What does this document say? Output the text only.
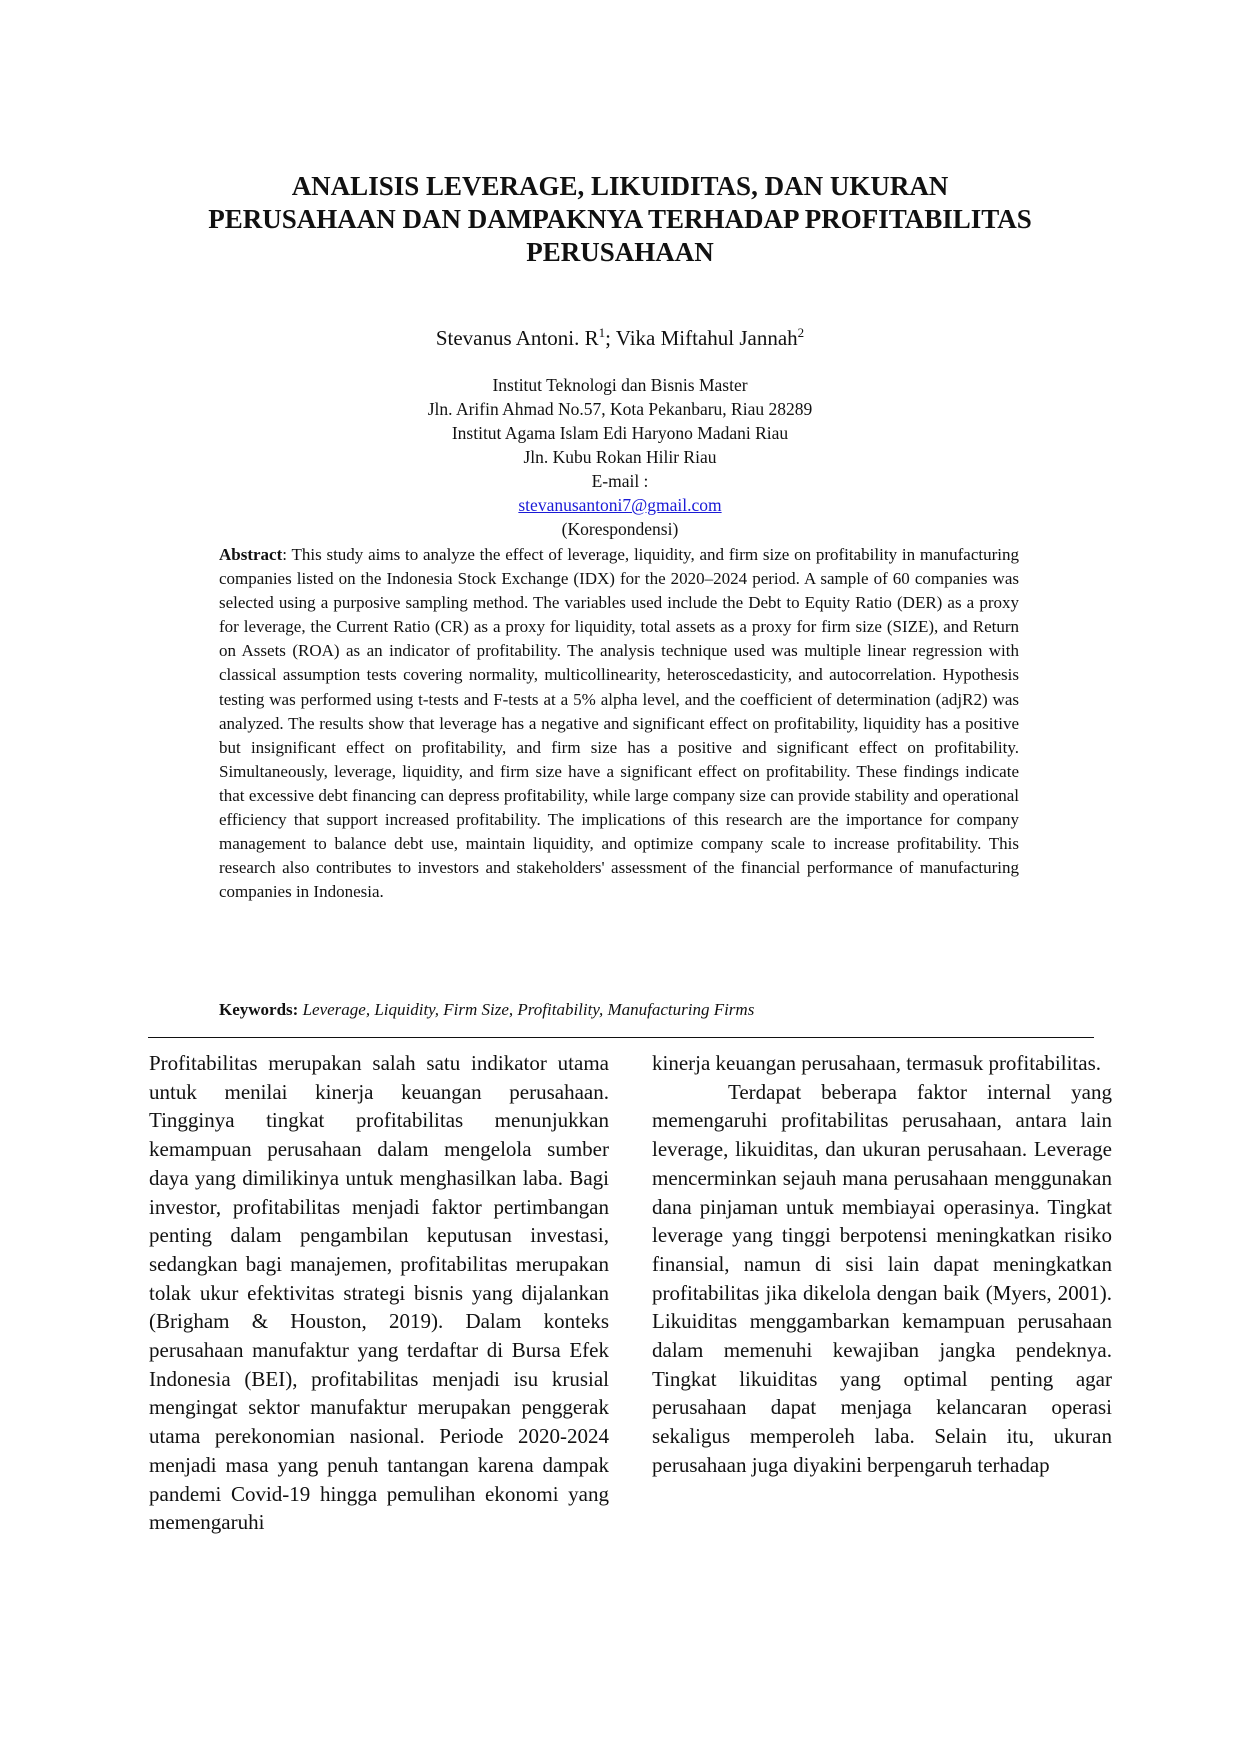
ANALISIS LEVERAGE, LIKUIDITAS, DAN UKURAN
PERUSAHAAN DAN DAMPAKNYA TERHADAP PROFITABILITAS
PERUSAHAAN
Stevanus Antoni. $R^1$; Vika Miftahul Jannah$^2$
Institut Teknologi dan Bisnis Master
Jln. Arifin Ahmad No.57, Kota Pekanbaru, Riau 28289
Institut Agama Islam Edi Haryono Madani Riau
Jln. Kubu Rokan Hilir Riau
E-mail :
stevanusantoni7@gmail.com
(Korespondensi)
Abstract: This study aims to analyze the effect of leverage, liquidity, and firm size on profitability in manufacturing companies listed on the Indonesia Stock Exchange (IDX) for the 2020–2024 period. A sample of 60 companies was selected using a purposive sampling method. The variables used include the Debt to Equity Ratio (DER) as a proxy for leverage, the Current Ratio (CR) as a proxy for liquidity, total assets as a proxy for firm size (SIZE), and Return on Assets (ROA) as an indicator of profitability. The analysis technique used was multiple linear regression with classical assumption tests covering normality, multicollinearity, heteroscedasticity, and autocorrelation. Hypothesis testing was performed using t-tests and F-tests at a 5% alpha level, and the coefficient of determination (adjR2) was analyzed. The results show that leverage has a negative and significant effect on profitability, liquidity has a positive but insignificant effect on profitability, and firm size has a positive and significant effect on profitability. Simultaneously, leverage, liquidity, and firm size have a significant effect on profitability. These findings indicate that excessive debt financing can depress profitability, while large company size can provide stability and operational efficiency that support increased profitability. The implications of this research are the importance for company management to balance debt use, maintain liquidity, and optimize company scale to increase profitability. This research also contributes to investors and stakeholders' assessment of the financial performance of manufacturing companies in Indonesia.
Keywords: Leverage, Liquidity, Firm Size, Profitability, Manufacturing Firms

Profitabilitas merupakan salah satu indikator utama untuk menilai kinerja keuangan perusahaan. Tingginya tingkat profitabilitas menunjukkan kemampuan perusahaan dalam mengelola sumber daya yang dimilikinya untuk menghasilkan laba. Bagi investor, profitabilitas menjadi faktor pertimbangan penting dalam pengambilan keputusan investasi, sedangkan bagi manajemen, profitabilitas merupakan tolak ukur efektivitas strategi bisnis yang dijalankan (Brigham & Houston, 2019). Dalam konteks perusahaan manufaktur yang terdaftar di Bursa Efek Indonesia (BEI), profitabilitas menjadi isu krusial mengingat sektor manufaktur merupakan penggerak utama perekonomian nasional. Periode 2020-2024 menjadi masa yang penuh tantangan karena dampak pandemi Covid-19 hingga pemulihan ekonomi yang memengaruhi

kinerja keuangan perusahaan, termasuk profitabilitas.

Terdapat beberapa faktor internal yang memengaruhi profitabilitas perusahaan, antara lain leverage, likuiditas, dan ukuran perusahaan. Leverage mencerminkan sejauh mana perusahaan menggunakan dana pinjaman untuk membiayai operasinya. Tingkat leverage yang tinggi berpotensi meningkatkan risiko finansial, namun di sisi lain dapat meningkatkan profitabilitas jika dikelola dengan baik (Myers, 2001). Likuiditas menggambarkan kemampuan perusahaan dalam memenuhi kewajiban jangka pendeknya. Tingkat likuiditas yang optimal penting agar perusahaan dapat menjaga kelancaran operasi sekaligus memperoleh laba. Selain itu, ukuran perusahaan juga diyakini berpengaruh terhadap
